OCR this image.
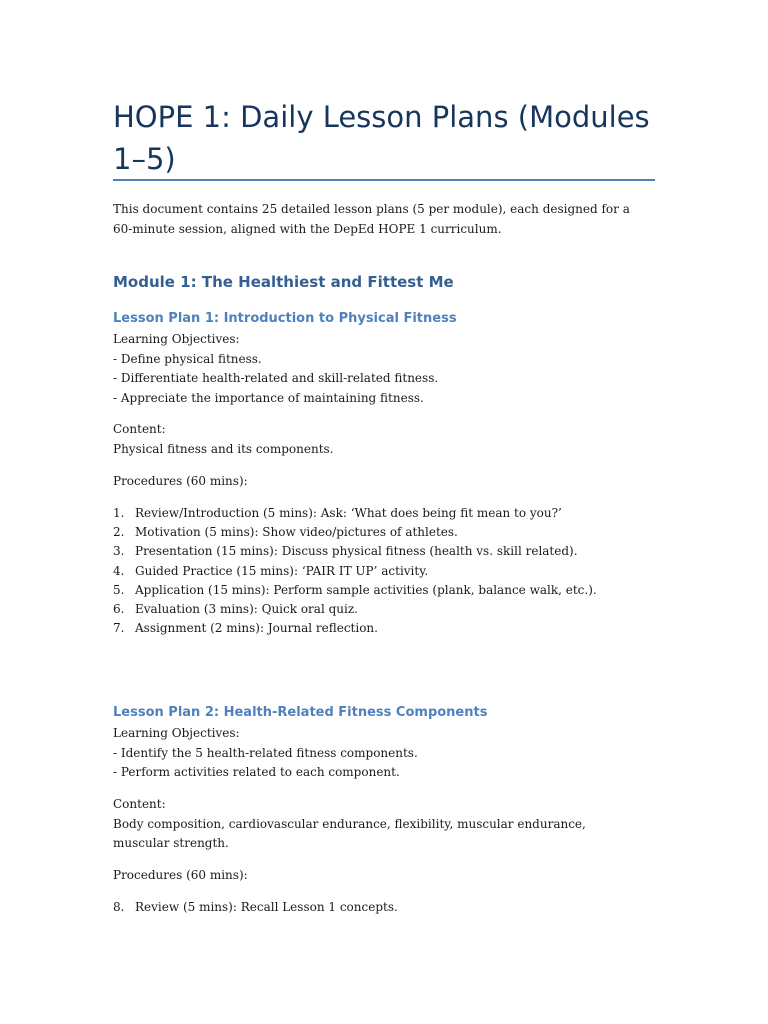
HOPE 1: Daily Lesson Plans (Modules 1–5)

This document contains 25 detailed lesson plans (5 per module), each designed for a 60-minute session, aligned with the DepEd HOPE 1 curriculum.

Module 1: The Healthiest and Fittest Me
Lesson Plan 1: Introduction to Physical Fitness
Learning Objectives:
- Define physical fitness.
- Differentiate health-related and skill-related fitness.
- Appreciate the importance of maintaining fitness.
Content:
Physical fitness and its components.
Procedures (60 mins):
1. Review/Introduction (5 mins): Ask: ‘What does being fit mean to you?’
2. Motivation (5 mins): Show video/pictures of athletes.
3. Presentation (15 mins): Discuss physical fitness (health vs. skill related).
4. Guided Practice (15 mins): ‘PAIR IT UP’ activity.
5. Application (15 mins): Perform sample activities (plank, balance walk, etc.).
6. Evaluation (3 mins): Quick oral quiz.
7. Assignment (2 mins): Journal reflection.
Lesson Plan 2: Health-Related Fitness Components
Learning Objectives:
- Identify the 5 health-related fitness components.
- Perform activities related to each component.
Content:
Body composition, cardiovascular endurance, flexibility, muscular endurance, muscular strength.
Procedures (60 mins):
8. Review (5 mins): Recall Lesson 1 concepts.
